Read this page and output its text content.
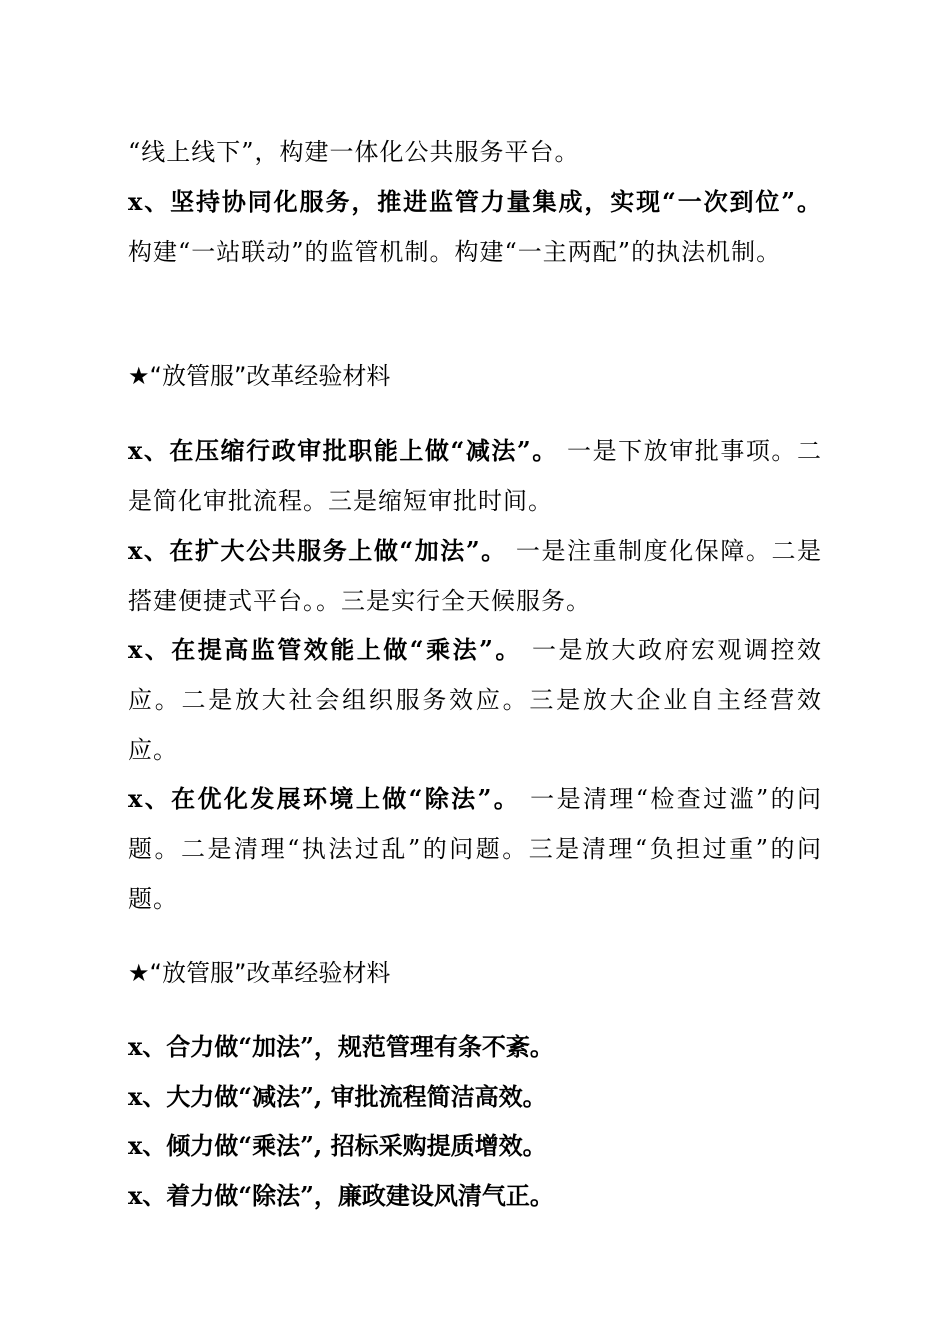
“线上线下”，构建一体化公共服务平台。

x、坚持协同化服务，推进监管力量集成，实现“一次到位”。 构建“一站联动”的监管机制。构建“一主两配”的执法机制。

★“放管服”改革经验材料

x、在压缩行政审批职能上做“减法”。 一是下放审批事项。二是简化审批流程。三是缩短审批时间。

x、在扩大公共服务上做“加法”。 一是注重制度化保障。二是搭建便捷式平台。。三是实行全天候服务。

x、在提高监管效能上做“乘法”。 一是放大政府宏观调控效应。二是放大社会组织服务效应。三是放大企业自主经营效应。

x、在优化发展环境上做“除法”。 一是清理“检查过滥”的问题。二是清理“执法过乱”的问题。三是清理“负担过重”的问题。

★“放管服”改革经验材料
x、合力做“加法”，规范管理有条不紊。
x、大力做“减法”, 审批流程简洁高效。
x、倾力做“乘法”, 招标采购提质增效。
x、着力做“除法”，廉政建设风清气正。
